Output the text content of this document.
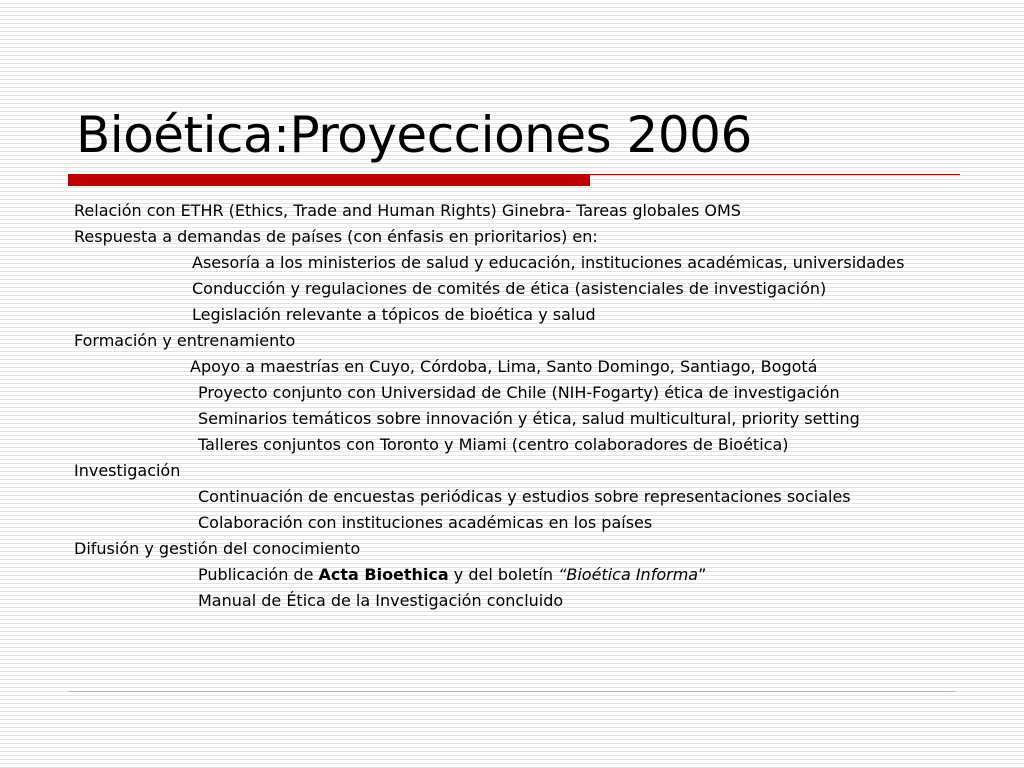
Bioética:Proyecciones 2006
Relación con ETHR (Ethics, Trade and Human Rights) Ginebra- Tareas globales OMS
Respuesta a demandas de países (con énfasis en prioritarios) en:
Asesoría a los ministerios de salud y educación, instituciones académicas, universidades
Conducción y regulaciones de comités de ética (asistenciales de investigación)
Legislación relevante a tópicos de bioética y salud
Formación y entrenamiento
Apoyo a maestrías en Cuyo, Córdoba, Lima, Santo Domingo, Santiago, Bogotá
Proyecto conjunto con Universidad de Chile (NIH-Fogarty) ética de investigación
Seminarios temáticos sobre innovación y ética, salud multicultural, priority setting
Talleres conjuntos con Toronto y Miami (centro colaboradores de Bioética)
Investigación
Continuación de encuestas periódicas y estudios sobre representaciones sociales
Colaboración con instituciones académicas en los países
Difusión y gestión del conocimiento
Publicación de Acta Bioethica y del boletín “Bioética Informa”
Manual de Ética de la Investigación concluido
